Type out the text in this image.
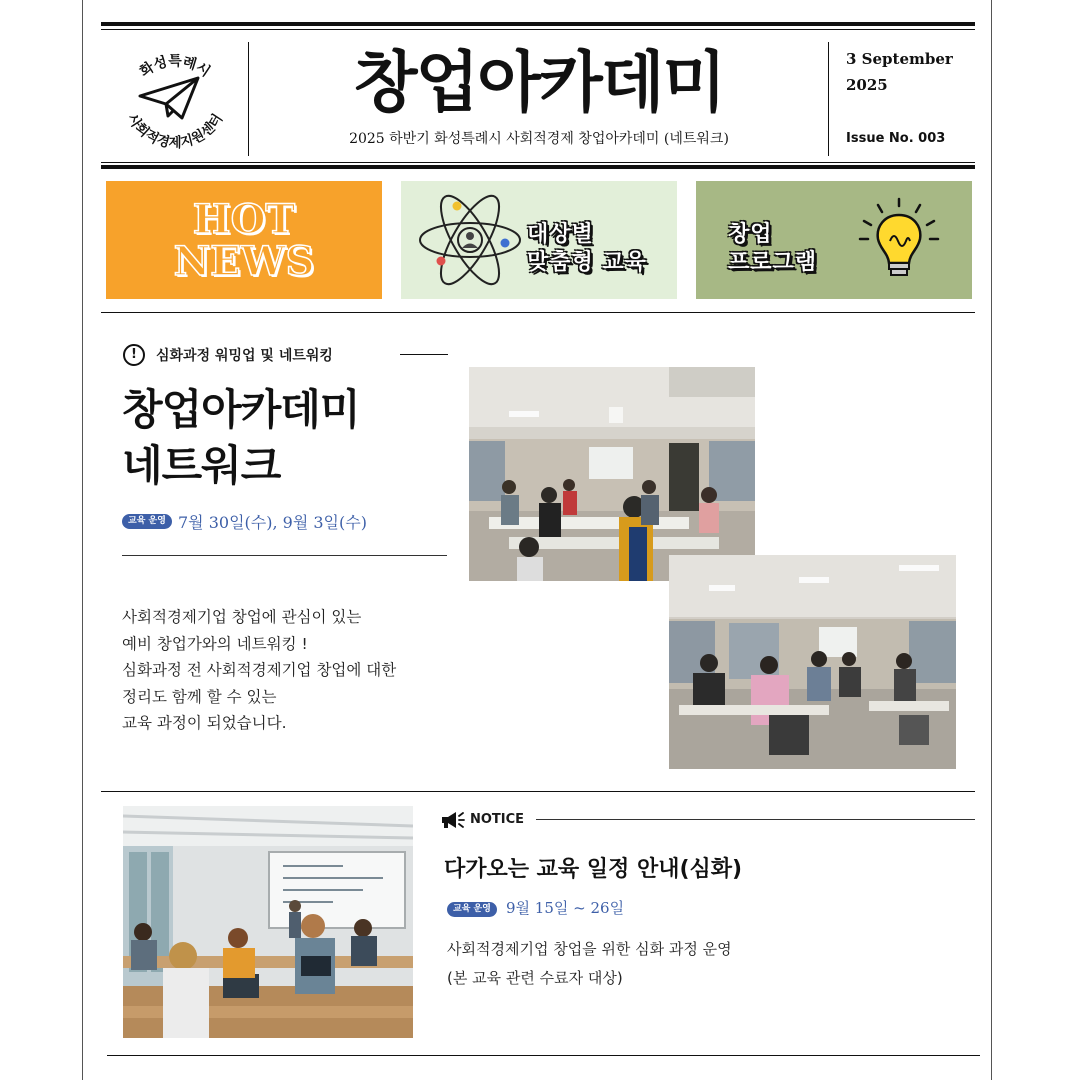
화성특례시
사회적경제지원센터
창업아카데미
2025 하반기 화성특례시 사회적경제 창업아카데미 (네트워크)
3 September
2025
Issue No. 003
HOT
NEWS
대상별
맞춤형 교육
창업
프로그램
!	심화과정 워밍업 및 네트워킹
창업아카데미
네트워크
교육 운영 7월 30일(수), 9월 3일(수)
사회적경제기업 창업에 관심이 있는
예비 창업가와의 네트워킹 !
심화과정 전 사회적경제기업 창업에 대한
정리도 함께 할 수 있는
교육 과정이 되었습니다.
NOTICE
다가오는 교육 일정 안내(심화)
교육 운영	9월 15일 ~ 26일
사회적경제기업 창업을 위한 심화 과정 운영
(본 교육 관련 수료자 대상)
